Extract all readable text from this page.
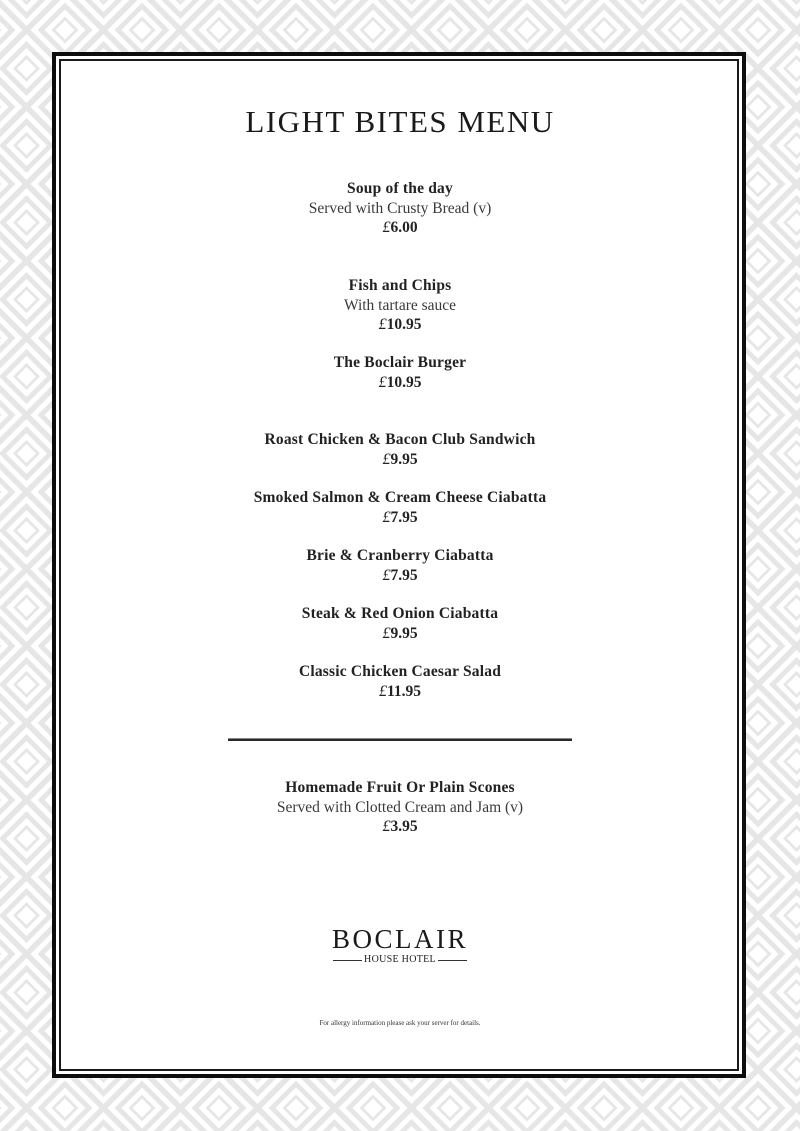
LIGHT BITES MENU
Soup of the day
Served with Crusty Bread (v)
£6.00
Fish and Chips
With tartare sauce
£10.95
The Boclair Burger
£10.95
Roast Chicken & Bacon Club Sandwich
£9.95
Smoked Salmon & Cream Cheese Ciabatta
£7.95
Brie & Cranberry Ciabatta
£7.95
Steak & Red Onion Ciabatta
£9.95
Classic Chicken Caesar Salad
£11.95
Homemade Fruit Or Plain Scones
Served with Clotted Cream and Jam (v)
£3.95
BOCLAIR
HOUSE HOTEL
For allergy information please ask your server for details.
